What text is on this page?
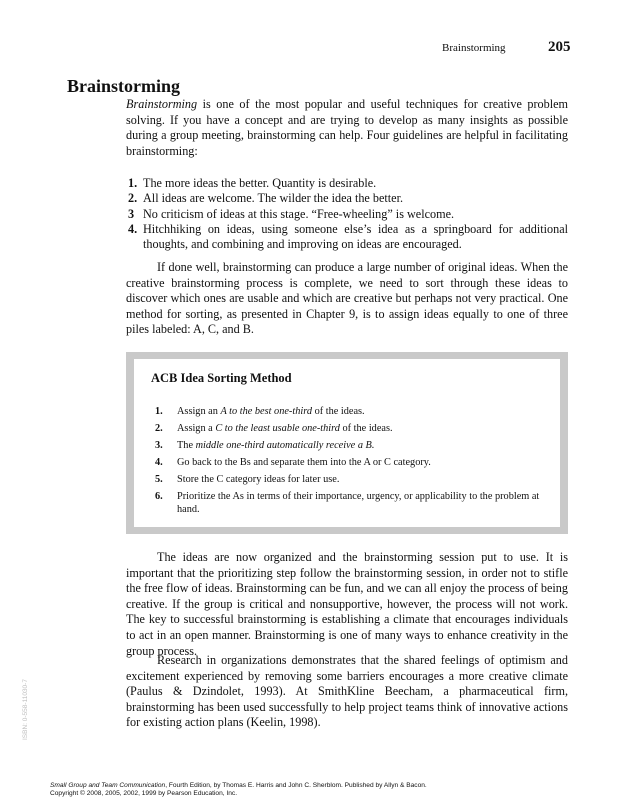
Brainstorming	205
Brainstorming

Brainstorming is one of the most popular and useful techniques for creative problem solving. If you have a concept and are trying to develop as many insights as possible during a group meeting, brainstorming can help. Four guidelines are helpful in facilitating brainstorming:

1. The more ideas the better. Quantity is desirable.
2. All ideas are welcome. The wilder the idea the better.
3 No criticism of ideas at this stage. “Free-wheeling” is welcome.
4. Hitchhiking on ideas, using someone else’s idea as a springboard for additional thoughts, and combining and improving on ideas are encouraged.

If done well, brainstorming can produce a large number of original ideas. When the creative brainstorming process is complete, we need to sort through these ideas to discover which ones are usable and which are creative but perhaps not very practical. One method for sorting, as presented in Chapter 9, is to assign ideas equally to one of three piles labeled: A, C, and B.

ACB Idea Sorting Method
1. Assign an A to the best one-third of the ideas.
2. Assign a C to the least usable one-third of the ideas.
3. The middle one-third automatically receive a B.
4. Go back to the Bs and separate them into the A or C category.
5. Store the C category ideas for later use.
6. Prioritize the As in terms of their importance, urgency, or applicability to the problem at hand.

The ideas are now organized and the brainstorming session put to use. It is important that the prioritizing step follow the brainstorming session, in order not to stifle the free flow of ideas. Brainstorming can be fun, and we can all enjoy the process of being creative. If the group is critical and nonsupportive, however, the process will not work. The key to successful brainstorming is establishing a climate that encourages individuals to act in an open manner. Brainstorming is one of many ways to enhance creativity in the group process.

Research in organizations demonstrates that the shared feelings of optimism and excitement experienced by removing some barriers encourages a more creative climate (Paulus & Dzindolet, 1993). At SmithKline Beecham, a pharmaceutical firm, brainstorming has been used successfully to help project teams think of innovative actions for existing action plans (Keelin, 1998).

ISBN: 0-558-11030-7
Small Group and Team Communication, Fourth Edition, by Thomas E. Harris and John C. Sherblom. Published by Allyn & Bacon.
Copyright © 2008, 2005, 2002, 1999 by Pearson Education, Inc.
